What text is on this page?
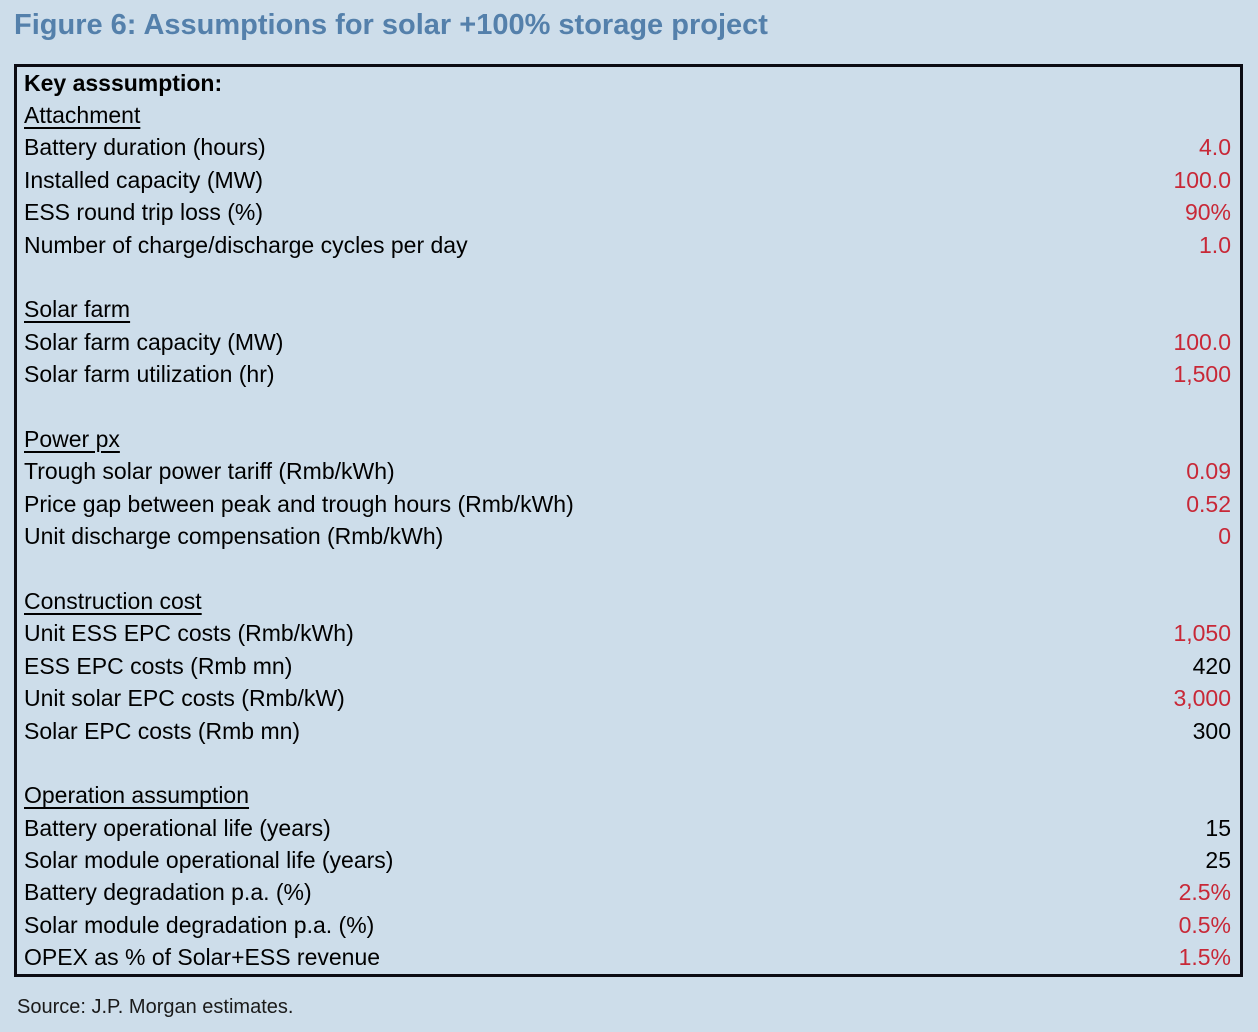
Figure 6: Assumptions for solar +100% storage project
Key asssumption:
Attachment
Battery duration (hours)	4.0
Installed capacity (MW)	100.0
ESS round trip loss (%)	90%
Number of charge/discharge cycles per day	1.0

Solar farm
Solar farm capacity (MW)	100.0
Solar farm utilization (hr)	1,500

Power px
Trough solar power tariff (Rmb/kWh)	0.09
Price gap between peak and trough hours (Rmb/kWh)	0.52
Unit discharge compensation (Rmb/kWh)	0

Construction cost
Unit ESS EPC costs (Rmb/kWh)	1,050
ESS EPC costs (Rmb mn)	420
Unit solar EPC costs (Rmb/kW)	3,000
Solar EPC costs (Rmb mn)	300

Operation assumption
Battery operational life (years)	15
Solar module operational life (years)	25
Battery degradation p.a. (%)	2.5%
Solar module degradation p.a. (%)	0.5%
OPEX as % of Solar+ESS revenue	1.5%
Source: J.P. Morgan estimates.
